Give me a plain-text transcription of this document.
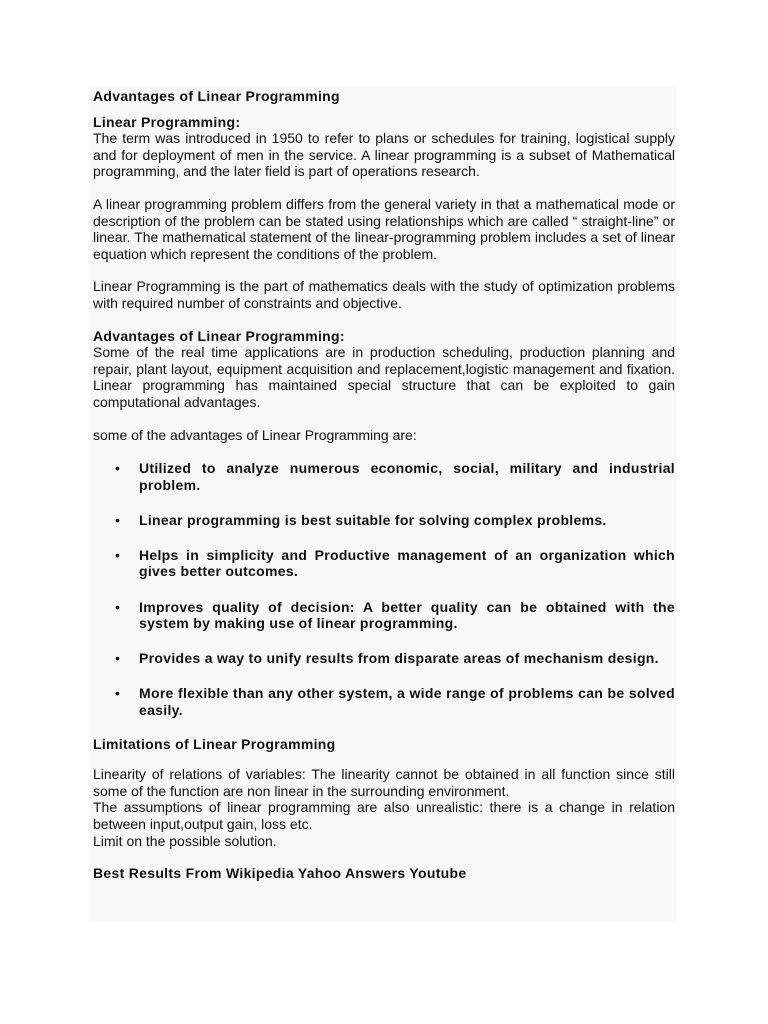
Advantages of Linear Programming
Linear Programming:

The term was introduced in 1950 to refer to plans or schedules for training, logistical supply and for deployment of men in the service. A linear programming is a subset of Mathematical programming, and the later field is part of operations research.

A linear programming problem differs from the general variety in that a mathematical mode or description of the problem can be stated using relationships which are called “ straight-line” or linear. The mathematical statement of the linear-programming problem includes a set of linear equation which represent the conditions of the problem.

Linear Programming is the part of mathematics deals with the study of optimization problems with required number of constraints and objective.

Advantages of Linear Programming:

Some of the real time applications are in production scheduling, production planning and repair, plant layout, equipment acquisition and replacement,logistic management and fixation. Linear programming has maintained special structure that can be exploited to gain computational advantages.

some of the advantages of Linear Programming are:

• Utilized to analyze numerous economic, social, military and industrial problem.
• Linear programming is best suitable for solving complex problems.
• Helps in simplicity and Productive management of an organization which gives better outcomes.
• Improves quality of decision: A better quality can be obtained with the system by making use of linear programming.
• Provides a way to unify results from disparate areas of mechanism design.
• More flexible than any other system, a wide range of problems can be solved easily.
Limitations of Linear Programming

Linearity of relations of variables: The linearity cannot be obtained in all function since still some of the function are non linear in the surrounding environment.

The assumptions of linear programming are also unrealistic: there is a change in relation between input,output gain, loss etc.

Limit on the possible solution.

Best Results From Wikipedia Yahoo Answers Youtube
